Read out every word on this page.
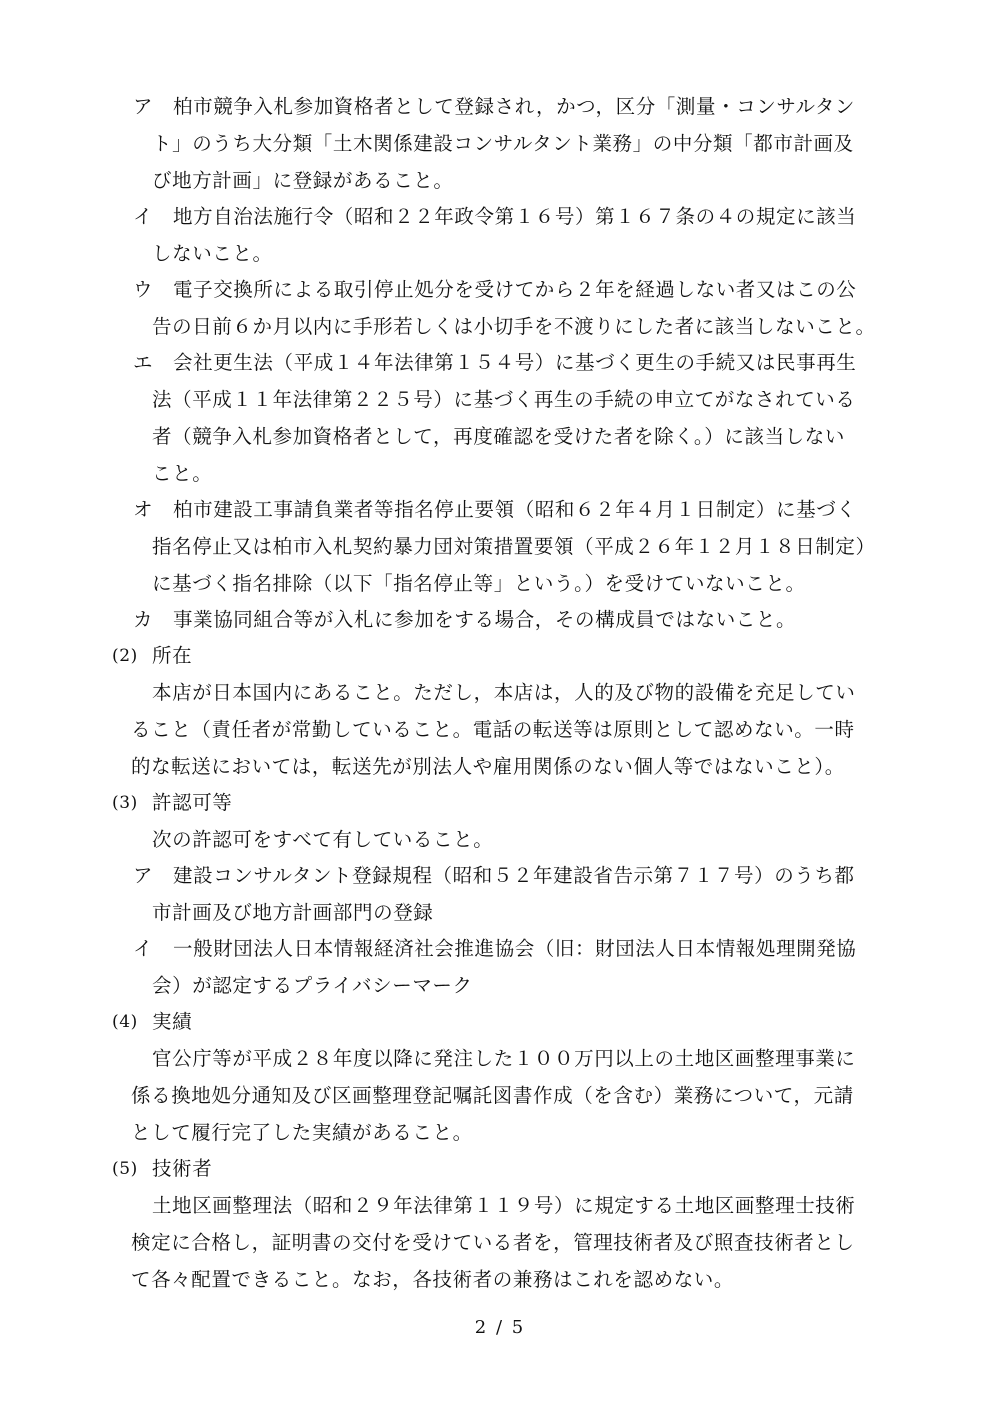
ア 柏市競争入札参加資格者として登録され，かつ，区分「測量・コンサルタン
ト」のうち大分類「土木関係建設コンサルタント業務」の中分類「都市計画及
び地方計画」に登録があること。
イ 地方自治法施行令（昭和２２年政令第１６号）第１６７条の４の規定に該当
しないこと。
ウ 電子交換所による取引停止処分を受けてから２年を経過しない者又はこの公
告の日前６か月以内に手形若しくは小切手を不渡りにした者に該当しないこと。
エ 会社更生法（平成１４年法律第１５４号）に基づく更生の手続又は民事再生
法（平成１１年法律第２２５号）に基づく再生の手続の申立てがなされている
者（競争入札参加資格者として，再度確認を受けた者を除く。）に該当しない
こと。
オ 柏市建設工事請負業者等指名停止要領（昭和６２年４月１日制定）に基づく
指名停止又は柏市入札契約暴力団対策措置要領（平成２６年１２月１８日制定）
に基づく指名排除（以下「指名停止等」という。）を受けていないこと。
カ 事業協同組合等が入札に参加をする場合，その構成員ではないこと。
(2) 所在
本店が日本国内にあること。ただし，本店は，人的及び物的設備を充足してい
ること（責任者が常勤していること。電話の転送等は原則として認めない。一時
的な転送においては，転送先が別法人や雇用関係のない個人等ではないこと）。
(3) 許認可等
次の許認可をすべて有していること。
ア 建設コンサルタント登録規程（昭和５２年建設省告示第７１７号）のうち都
市計画及び地方計画部門の登録
イ 一般財団法人日本情報経済社会推進協会（旧：財団法人日本情報処理開発協
会）が認定するプライバシーマーク
(4) 実績
官公庁等が平成２８年度以降に発注した１００万円以上の土地区画整理事業に
係る換地処分通知及び区画整理登記嘱託図書作成（を含む）業務について，元請
として履行完了した実績があること。
(5) 技術者
土地区画整理法（昭和２９年法律第１１９号）に規定する土地区画整理士技術
検定に合格し，証明書の交付を受けている者を，管理技術者及び照査技術者とし
て各々配置できること。なお，各技術者の兼務はこれを認めない。
2 / 5
